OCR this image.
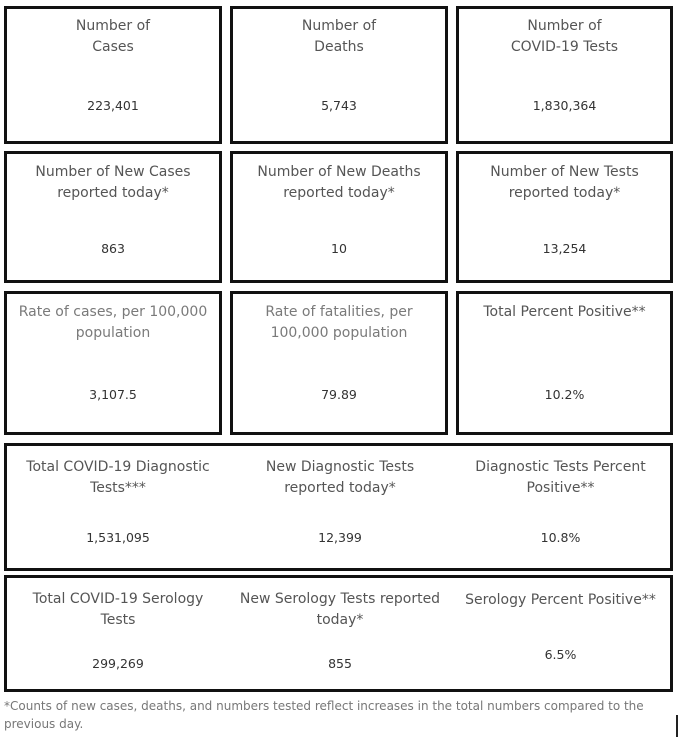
Number of
Cases
223,401
Number of
Deaths
5,743
Number of
COVID-19 Tests
1,830,364
Number of New Cases
reported today*
863
Number of New Deaths
reported today*
10
Number of New Tests
reported today*
13,254
Rate of cases, per 100,000
population
3,107.5
Rate of fatalities, per
100,000 population
79.89
Total Percent Positive**
10.2%
Total COVID-19 Diagnostic
Tests***
1,531,095
New Diagnostic Tests
reported today*
12,399
Diagnostic Tests Percent
Positive**
10.8%
Total COVID-19 Serology
Tests
299,269
New Serology Tests reported
today*
855
Serology Percent Positive**
6.5%
*Counts of new cases, deaths, and numbers tested reflect increases in the total numbers compared to the previous day.
